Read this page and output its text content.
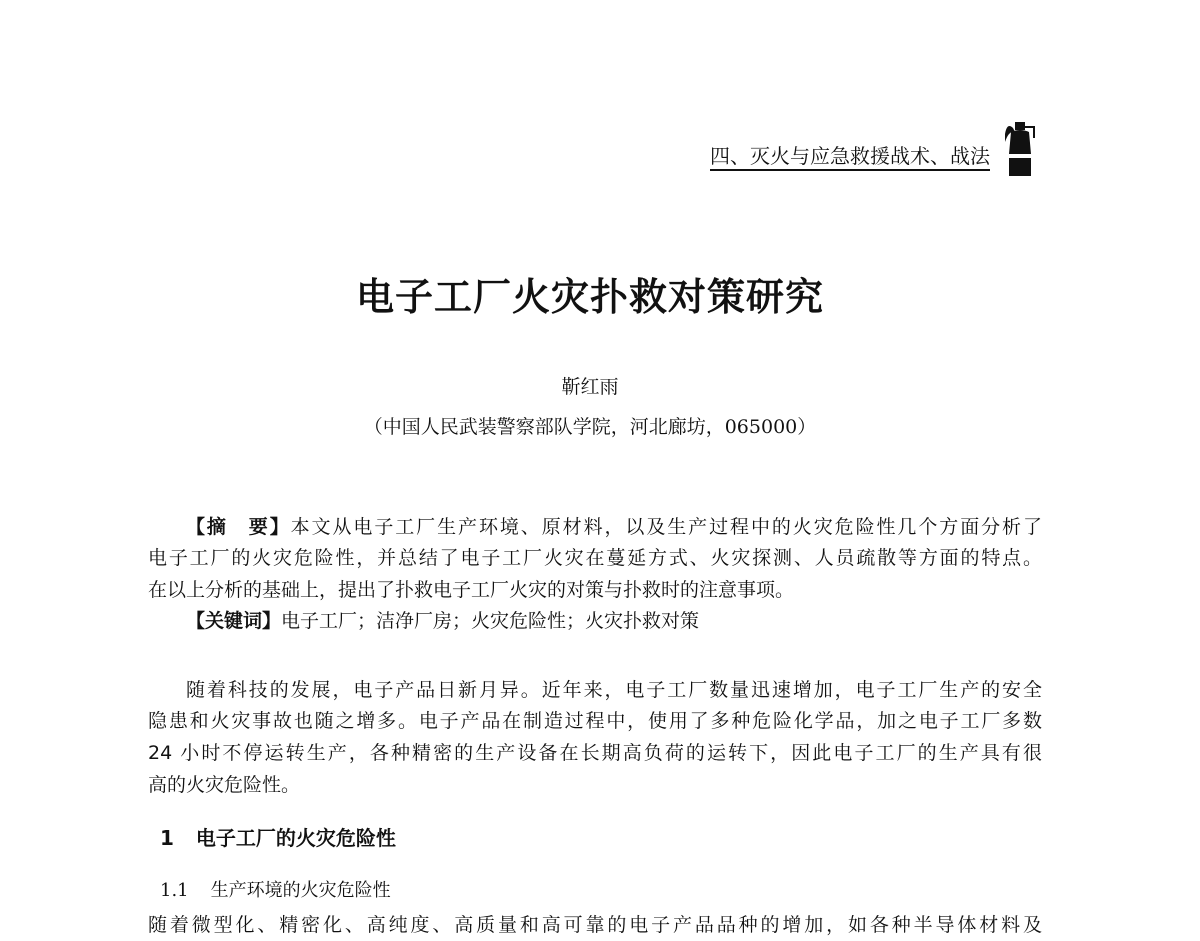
四、灭火与应急救援战术、战法
电子工厂火灾扑救对策研究
靳红雨
（中国人民武装警察部队学院，河北廊坊，065000）
【摘　要】本文从电子工厂生产环境、原材料，以及生产过程中的火灾危险性几个方面分析了
电子工厂的火灾危险性，并总结了电子工厂火灾在蔓延方式、火灾探测、人员疏散等方面的特点。
在以上分析的基础上，提出了扑救电子工厂火灾的对策与扑救时的注意事项。
【关键词】电子工厂；洁净厂房；火灾危险性；火灾扑救对策
随着科技的发展，电子产品日新月异。近年来，电子工厂数量迅速增加，电子工厂生产的安全
隐患和火灾事故也随之增多。电子产品在制造过程中，使用了多种危险化学品，加之电子工厂多数
24 小时不停运转生产，各种精密的生产设备在长期高负荷的运转下，因此电子工厂的生产具有很
高的火灾危险性。
1 电子工厂的火灾危险性
1.1 生产环境的火灾危险性
随着微型化、精密化、高纯度、高质量和高可靠的电子产品品种的增加，如各种半导体材料及
